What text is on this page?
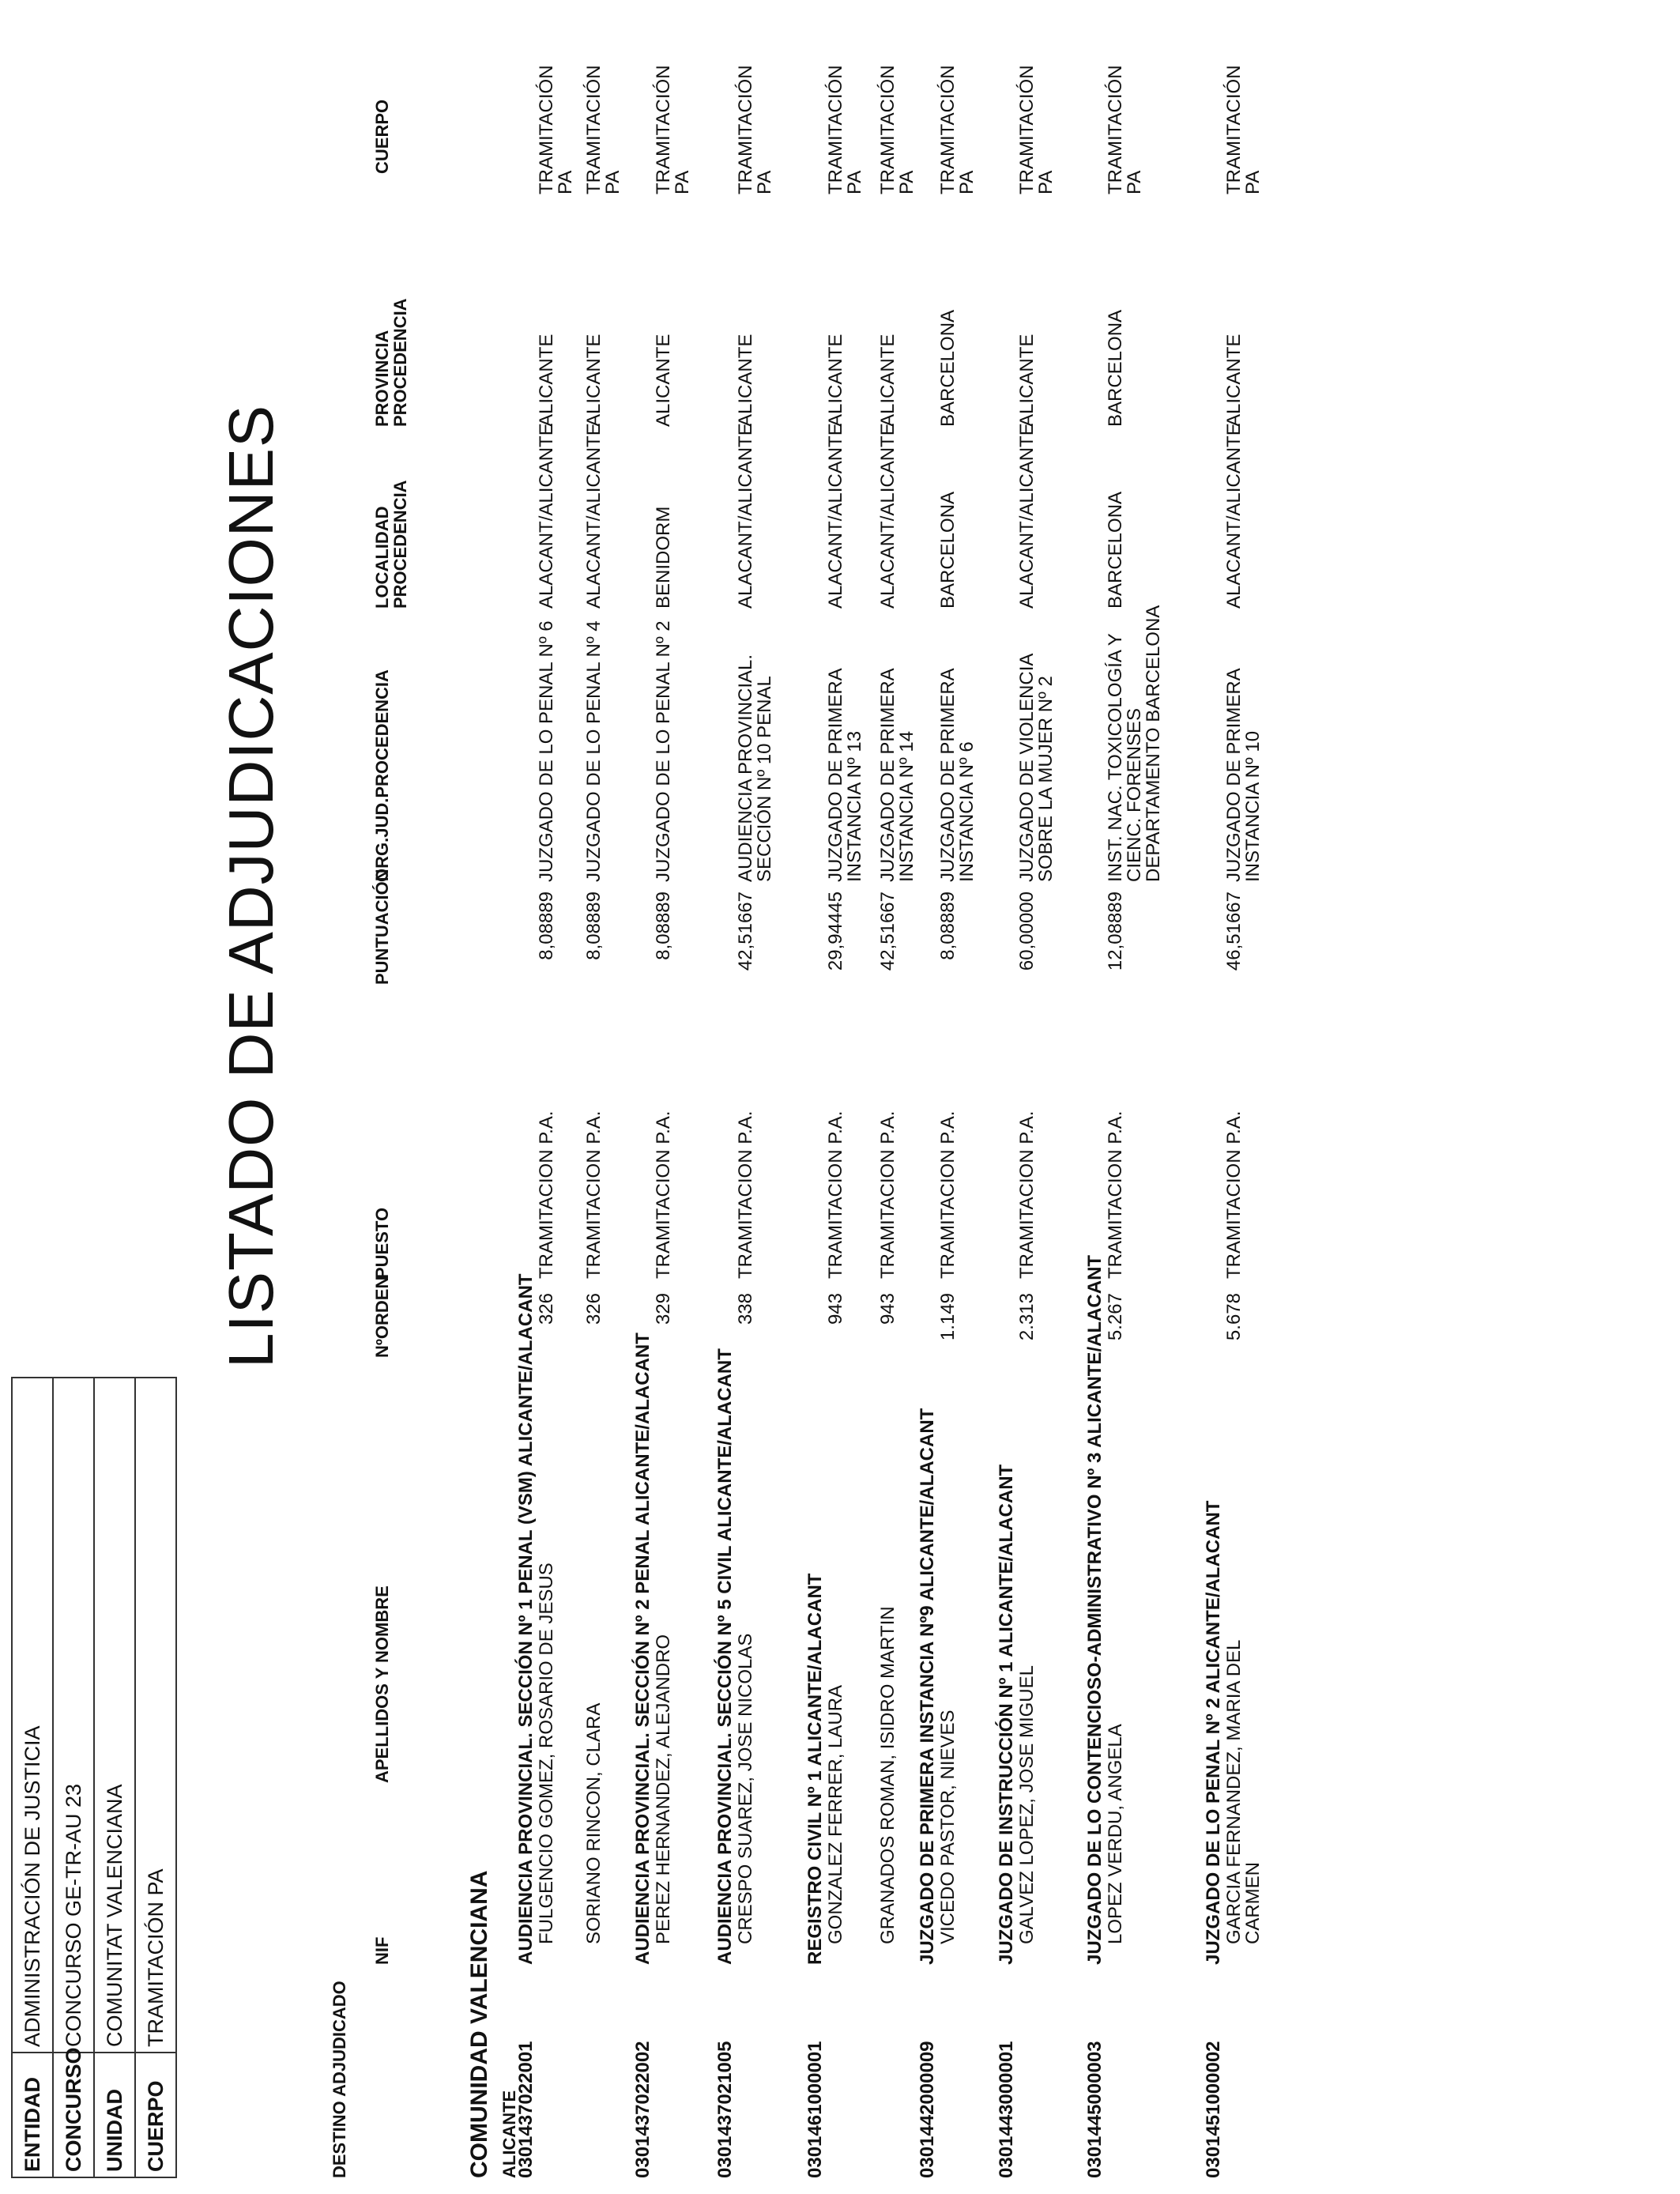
ENTIDAD
ADMINISTRACIÓN DE JUSTICIA
CONCURSO
CONCURSO GE-TR-AU 23
UNIDAD
COMUNITAT VALENCIANA
CUERPO
TRAMITACIÓN PA
LISTADO DE ADJUDICACIONES
DESTINO ADJUDICADO
NIF
APELLIDOS Y NOMBRE
NºORDEN
PUESTO
PUNTUACIÓN
ORG.JUD.PROCEDENCIA
LOCALIDAD
PROCEDENCIA
PROVINCIA
PROCEDENCIA
CUERPO
COMUNIDAD VALENCIANA ALICANTE
0301437022001
AUDIENCIA PROVINCIAL. SECCIÓN Nº 1 PENAL (VSM) ALICANTE/ALACANT FULGENCIO GOMEZ, ROSARIO DE JESUS
326
TRAMITACION P.A.
8,08889
JUZGADO DE LO PENAL Nº 6
ALACANT/ALICANTE
ALICANTE
TRAMITACIÓN
PA
SORIANO RINCON, CLARA
326
TRAMITACION P.A.
8,08889
JUZGADO DE LO PENAL Nº 4
ALACANT/ALICANTE
ALICANTE
TRAMITACIÓN
PA
0301437022002
AUDIENCIA PROVINCIAL. SECCIÓN Nº 2 PENAL ALICANTE/ALACANT PEREZ HERNANDEZ, ALEJANDRO
329
TRAMITACION P.A.
8,08889
JUZGADO DE LO PENAL Nº 2
BENIDORM
ALICANTE
TRAMITACIÓN
PA
0301437021005
AUDIENCIA PROVINCIAL. SECCIÓN Nº 5 CIVIL ALICANTE/ALACANT CRESPO SUAREZ, JOSE NICOLAS
338
TRAMITACION P.A.
42,51667
AUDIENCIA PROVINCIAL.
SECCIÓN Nº 10 PENAL
ALACANT/ALICANTE
ALICANTE
TRAMITACIÓN
PA
0301461000001
REGISTRO CIVIL Nº 1 ALICANTE/ALACANT GONZALEZ FERRER, LAURA
943
TRAMITACION P.A.
29,94445
JUZGADO DE PRIMERA
INSTANCIA Nº 13
ALACANT/ALICANTE
ALICANTE
TRAMITACIÓN
PA
GRANADOS ROMAN, ISIDRO MARTIN
943
TRAMITACION P.A.
42,51667
JUZGADO DE PRIMERA
INSTANCIA Nº 14
ALACANT/ALICANTE
ALICANTE
TRAMITACIÓN
PA
0301442000009
JUZGADO DE PRIMERA INSTANCIA Nº9 ALICANTE/ALACANT VICEDO PASTOR, NIEVES
1.149
TRAMITACION P.A.
8,08889
JUZGADO DE PRIMERA
INSTANCIA Nº 6
BARCELONA
BARCELONA
TRAMITACIÓN
PA
0301443000001
JUZGADO DE INSTRUCCIÓN Nº 1 ALICANTE/ALACANT GALVEZ LOPEZ, JOSE MIGUEL
2.313
TRAMITACION P.A.
60,00000
JUZGADO DE VIOLENCIA
SOBRE LA MUJER Nº 2
ALACANT/ALICANTE
ALICANTE
TRAMITACIÓN
PA
0301445000003
JUZGADO DE LO CONTENCIOSO-ADMINISTRATIVO Nº 3 ALICANTE/ALACANT LOPEZ VERDU, ANGELA
5.267
TRAMITACION P.A.
12,08889
INST. NAC. TOXICOLOGÍA Y
CIENC. FORENSES
DEPARTAMENTO BARCELONA
BARCELONA
BARCELONA
TRAMITACIÓN
PA
0301451000002
JUZGADO DE LO PENAL Nº 2 ALICANTE/ALACANT GARCIA FERNANDEZ, MARIA DEL
CARMEN
5.678
TRAMITACION P.A.
46,51667
JUZGADO DE PRIMERA
INSTANCIA Nº 10
ALACANT/ALICANTE
ALICANTE
TRAMITACIÓN
PA
